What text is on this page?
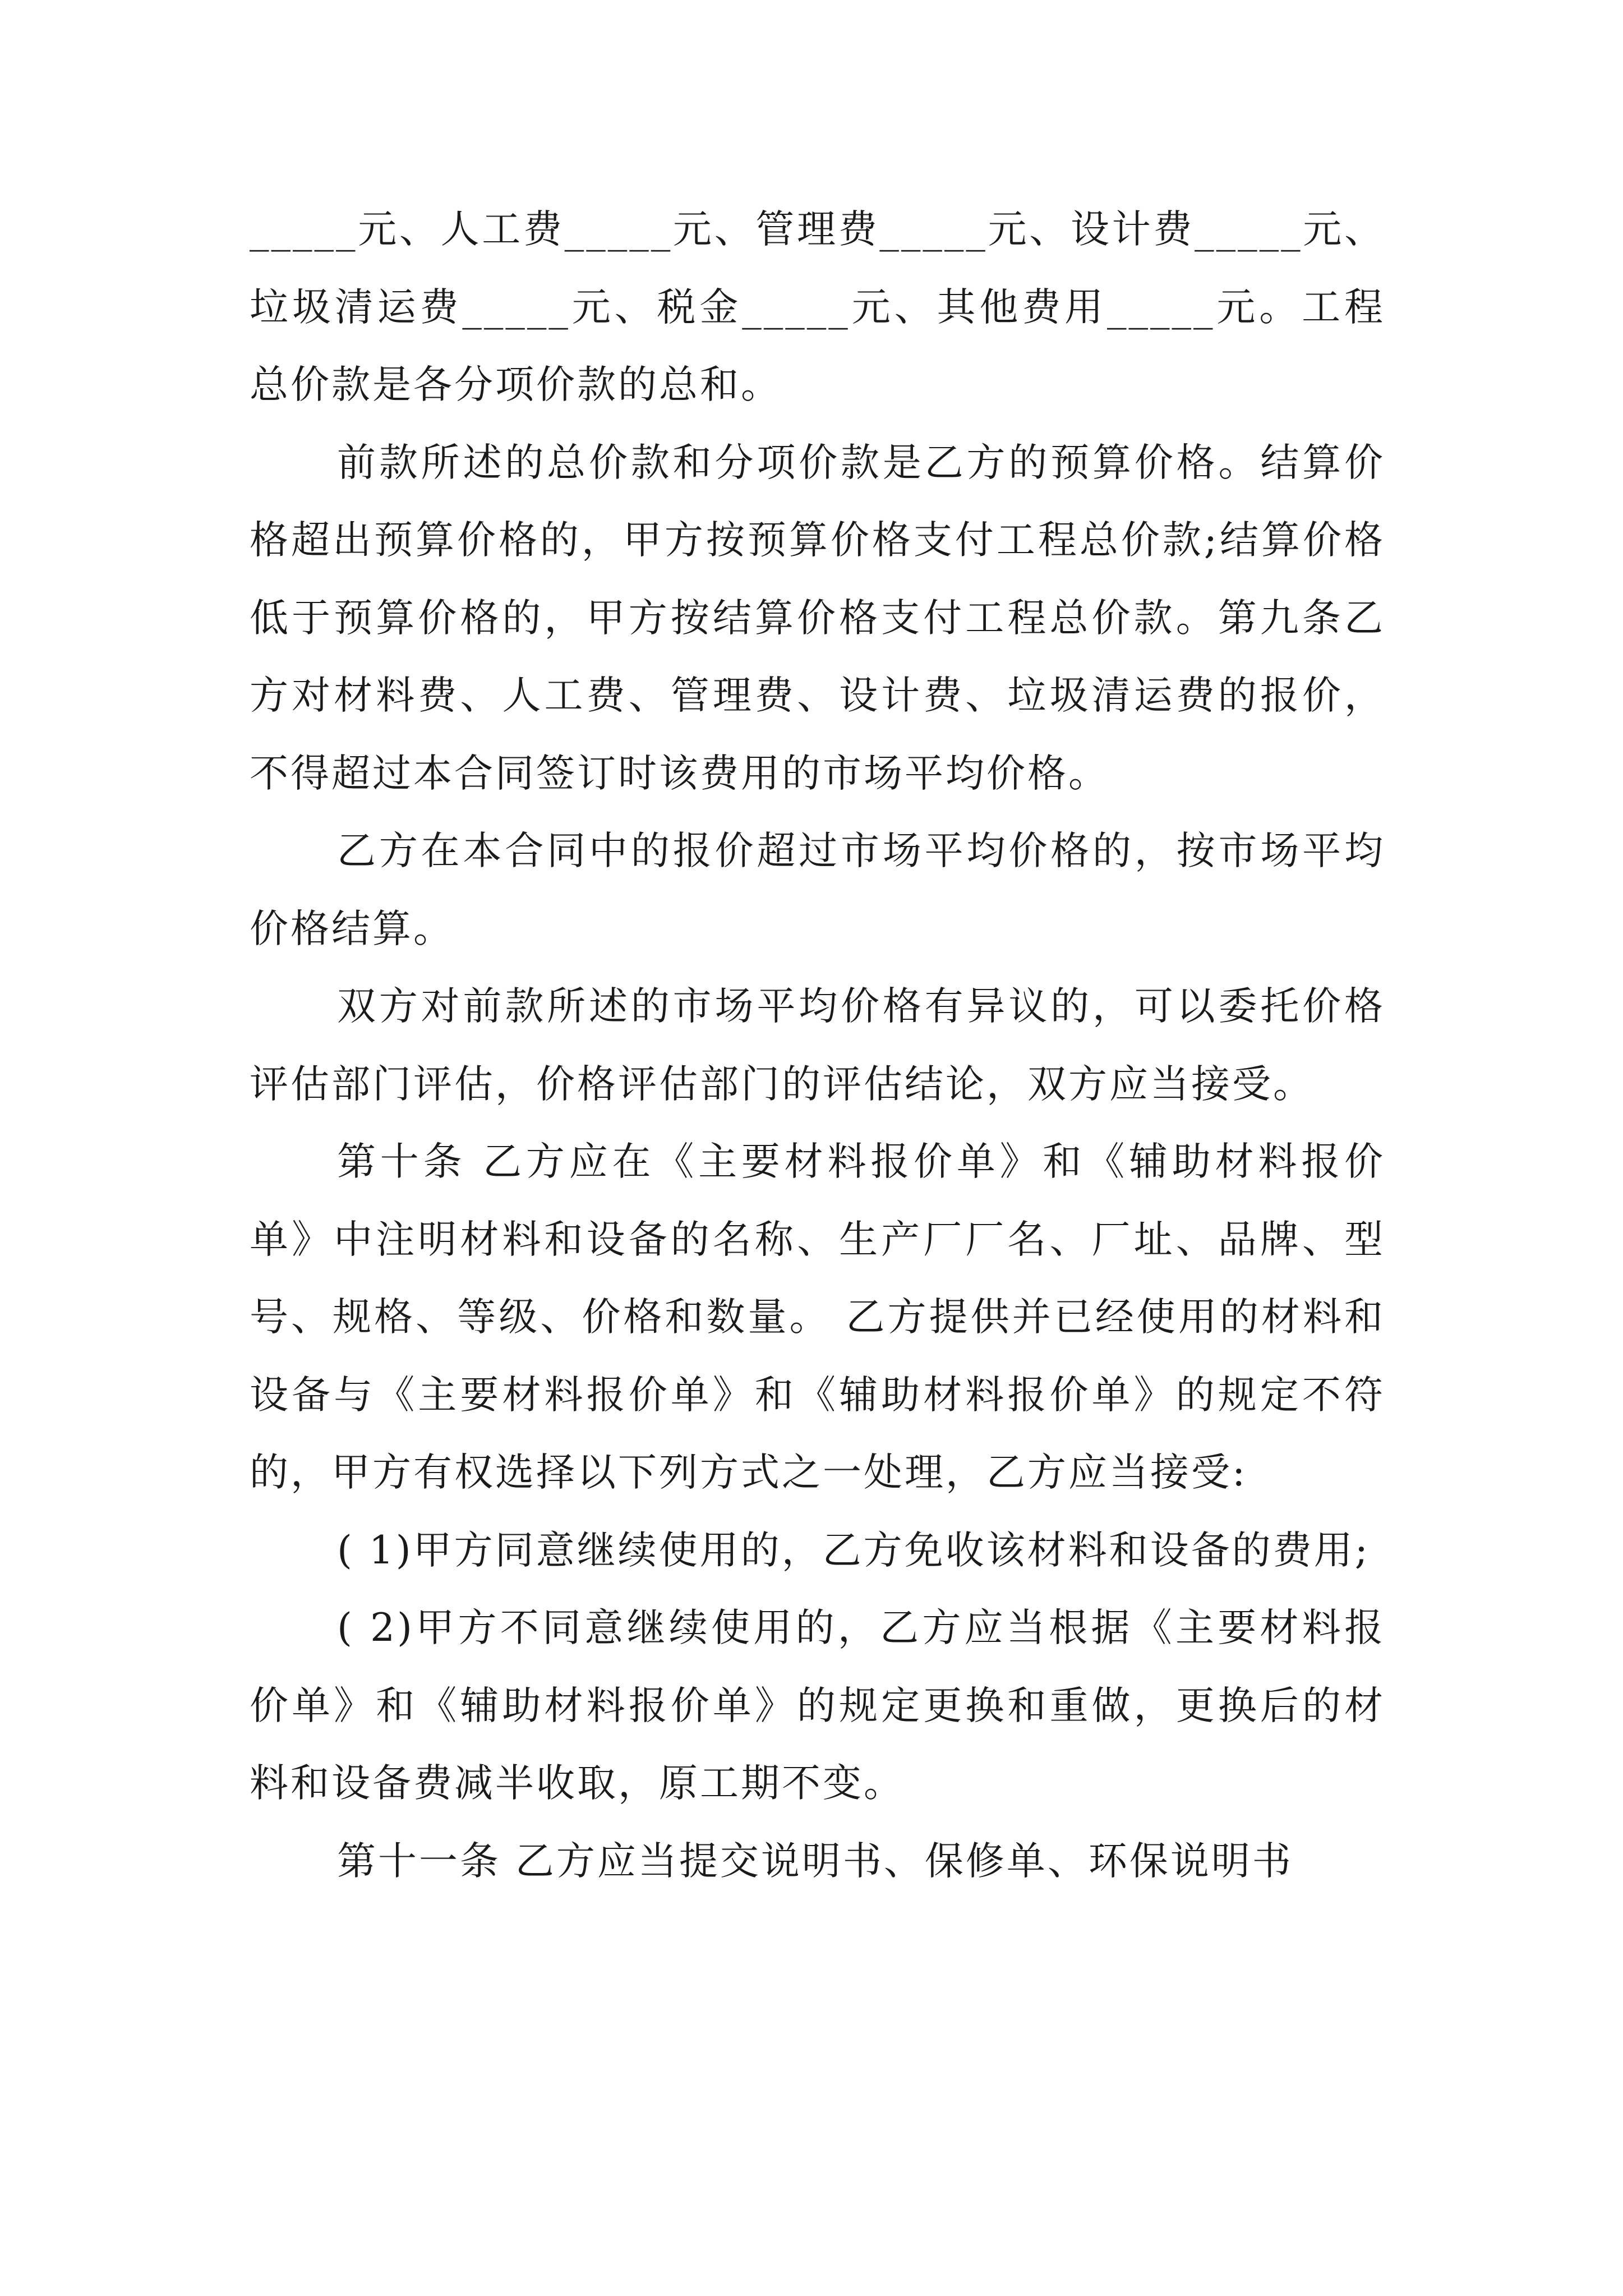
_____元、人工费_____元、管理费_____元、设计费_____元、垃圾清运费_____元、税金_____元、其他费用_____元。工程总价款是各分项价款的总和。

前款所述的总价款和分项价款是乙方的预算价格。结算价格超出预算价格的，甲方按预算价格支付工程总价款;结算价格低于预算价格的，甲方按结算价格支付工程总价款。第九条乙方对材料费、人工费、管理费、设计费、垃圾清运费的报价，不得超过本合同签订时该费用的市场平均价格。

乙方在本合同中的报价超过市场平均价格的，按市场平均价格结算。

双方对前款所述的市场平均价格有异议的，可以委托价格评估部门评估，价格评估部门的评估结论，双方应当接受。

第十条 乙方应在《主要材料报价单》和《辅助材料报价单》中注明材料和设备的名称、生产厂厂名、厂址、品牌、型号、规格、等级、价格和数量。 乙方提供并已经使用的材料和设备与《主要材料报价单》和《辅助材料报价单》的规定不符的，甲方有权选择以下列方式之一处理，乙方应当接受:

( 1)甲方同意继续使用的，乙方免收该材料和设备的费用;

( 2)甲方不同意继续使用的，乙方应当根据《主要材料报价单》和《辅助材料报价单》的规定更换和重做，更换后的材料和设备费减半收取，原工期不变。

第十一条 乙方应当提交说明书、保修单、环保说明书
